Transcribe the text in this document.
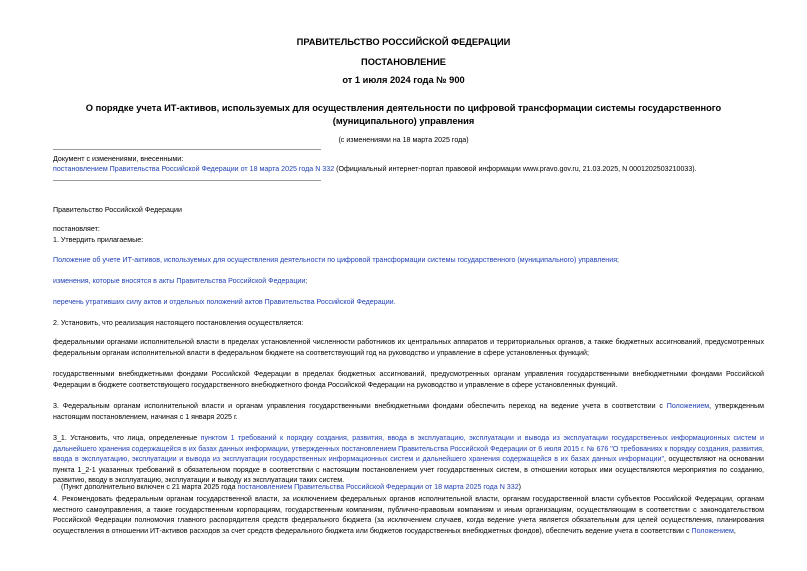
ПРАВИТЕЛЬСТВО РОССИЙСКОЙ ФЕДЕРАЦИИ
ПОСТАНОВЛЕНИЕ
от 1 июля 2024 года № 900
О порядке учета ИТ-активов, используемых для осуществления деятельности по цифровой трансформации системы государственного (муниципального) управления
(с изменениями на 18 марта 2025 года)
Документ с изменениями, внесенными:
постановлением Правительства Российской Федерации от 18 марта 2025 года N 332 (Официальный интернет-портал правовой информации www.pravo.gov.ru, 21.03.2025, N 0001202503210033).
Правительство Российской Федерации
постановляет:
1. Утвердить прилагаемые:
Положение об учете ИТ-активов, используемых для осуществления деятельности по цифровой трансформации системы государственного (муниципального) управления;
изменения, которые вносятся в акты Правительства Российской Федерации;
перечень утративших силу актов и отдельных положений актов Правительства Российской Федерации.
2. Установить, что реализация настоящего постановления осуществляется:
федеральными органами исполнительной власти в пределах установленной численности работников их центральных аппаратов и территориальных органов, а также бюджетных ассигнований, предусмотренных федеральным органам исполнительной власти в федеральном бюджете на соответствующий год на руководство и управление в сфере установленных функций;
государственными внебюджетными фондами Российской Федерации в пределах бюджетных ассигнований, предусмотренных органам управления государственными внебюджетными фондами Российской Федерации в бюджете соответствующего государственного внебюджетного фонда Российской Федерации на руководство и управление в сфере установленных функций.
3. Федеральным органам исполнительной власти и органам управления государственными внебюджетными фондами обеспечить переход на ведение учета в соответствии с Положением, утвержденным настоящим постановлением, начиная с 1 января 2025 г.
3_1. Установить, что лица, определенные пунктом 1 требований к порядку создания, развития, ввода в эксплуатацию, эксплуатации и вывода из эксплуатации государственных информационных систем и дальнейшего хранения содержащейся в их базах данных информации, утвержденных постановлением Правительства Российской Федерации от 6 июля 2015 г. № 676 "О требованиях к порядку создания, развития, ввода в эксплуатацию, эксплуатации и вывода из эксплуатации государственных информационных систем и дальнейшего хранения содержащейся в их базах данных информации", осуществляют на основании пункта 1_2-1 указанных требований в обязательном порядке в соответствии с настоящим постановлением учет государственных систем, в отношении которых ими осуществляются мероприятия по созданию, развитию, вводу в эксплуатацию, эксплуатации и выводу из эксплуатации таких систем.
(Пункт дополнительно включен с 21 марта 2025 года постановлением Правительства Российской Федерации от 18 марта 2025 года N 332)
4. Рекомендовать федеральным органам государственной власти, за исключением федеральных органов исполнительной власти, органам государственной власти субъектов Российской Федерации, органам местного самоуправления, а также государственным корпорациям, государственным компаниям, публично-правовым компаниям и иным организациям, осуществляющим в соответствии с законодательством Российской Федерации полномочия главного распорядителя средств федерального бюджета (за исключением случаев, когда ведение учета является обязательным для целей осуществления, планирования осуществления в отношении ИТ-активов расходов за счет средств федерального бюджета или бюджетов государственных внебюджетных фондов), обеспечить ведение учета в соответствии с Положением,
